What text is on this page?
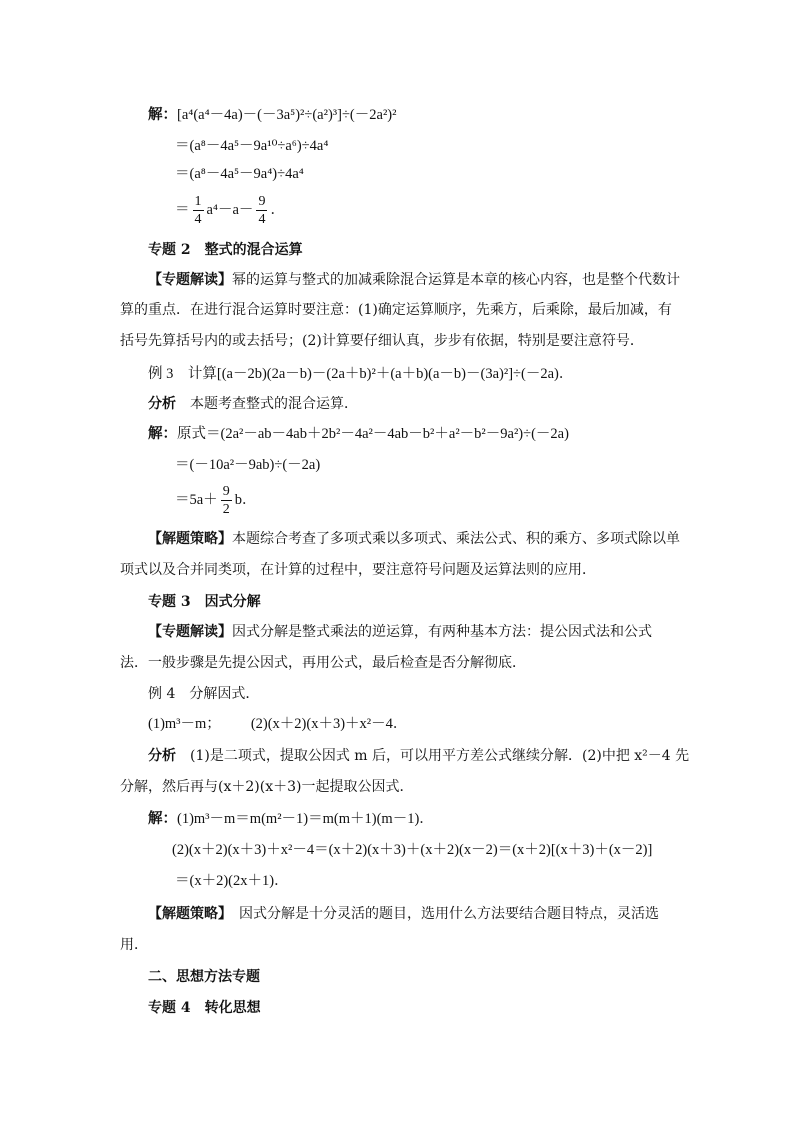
解：[a⁴(a⁴－4a)－(－3a⁵)²÷(a²)³]÷(－2a²)²
＝(a⁸－4a⁵－9a¹⁰÷a⁶)÷4a⁴
＝(a⁸－4a⁵－9a⁴)÷4a⁴
＝ $\frac{1}{4} a^4-a- \frac{9}{4}$ ．
专题 2　整式的混合运算
【专题解读】幂的运算与整式的加减乘除混合运算是本章的核心内容，也是整个代数计
算的重点．在进行混合运算时要注意：(1)确定运算顺序，先乘方，后乘除，最后加减，有
括号先算括号内的或去括号；(2)计算要仔细认真，步步有依据，特别是要注意符号．
例 3　计算[(a－2b)(2a－b)－(2a＋b)²＋(a＋b)(a－b)－(3a)²]÷(－2a)．
分析　本题考查整式的混合运算．
解：原式＝(2a²－ab－4ab＋2b²－4a²－4ab－b²＋a²－b²－9a²)÷(－2a)
＝(－10a²－9ab)÷(－2a)
$=5a+ \frac{9}{2}$ b．
【解题策略】本题综合考查了多项式乘以多项式、乘法公式、积的乘方、多项式除以单
项式以及合并同类项，在计算的过程中，要注意符号问题及运算法则的应用．
专题 3　因式分解
【专题解读】因式分解是整式乘法的逆运算，有两种基本方法：提公因式法和公式
法．一般步骤是先提公因式，再用公式，最后检查是否分解彻底．
例 4　分解因式．
(1)m³－m； (2)(x＋2)(x＋3)＋x²－4．
分析　(1)是二项式，提取公因式 m 后，可以用平方差公式继续分解．(2)中把 x²－4 先
分解，然后再与(x＋2)(x＋3)一起提取公因式．
解：(1)m³－m＝m(m²－1)＝m(m＋1)(m－1)．
(2)(x＋2)(x＋3)＋x²－4＝(x＋2)(x＋3)＋(x＋2)(x－2)＝(x＋2)[(x＋3)＋(x－2)]
＝(x＋2)(2x＋1)．
【解题策略】　因式分解是十分灵活的题目，选用什么方法要结合题目特点，灵活选
用．
二、思想方法专题
专题 4　转化思想
